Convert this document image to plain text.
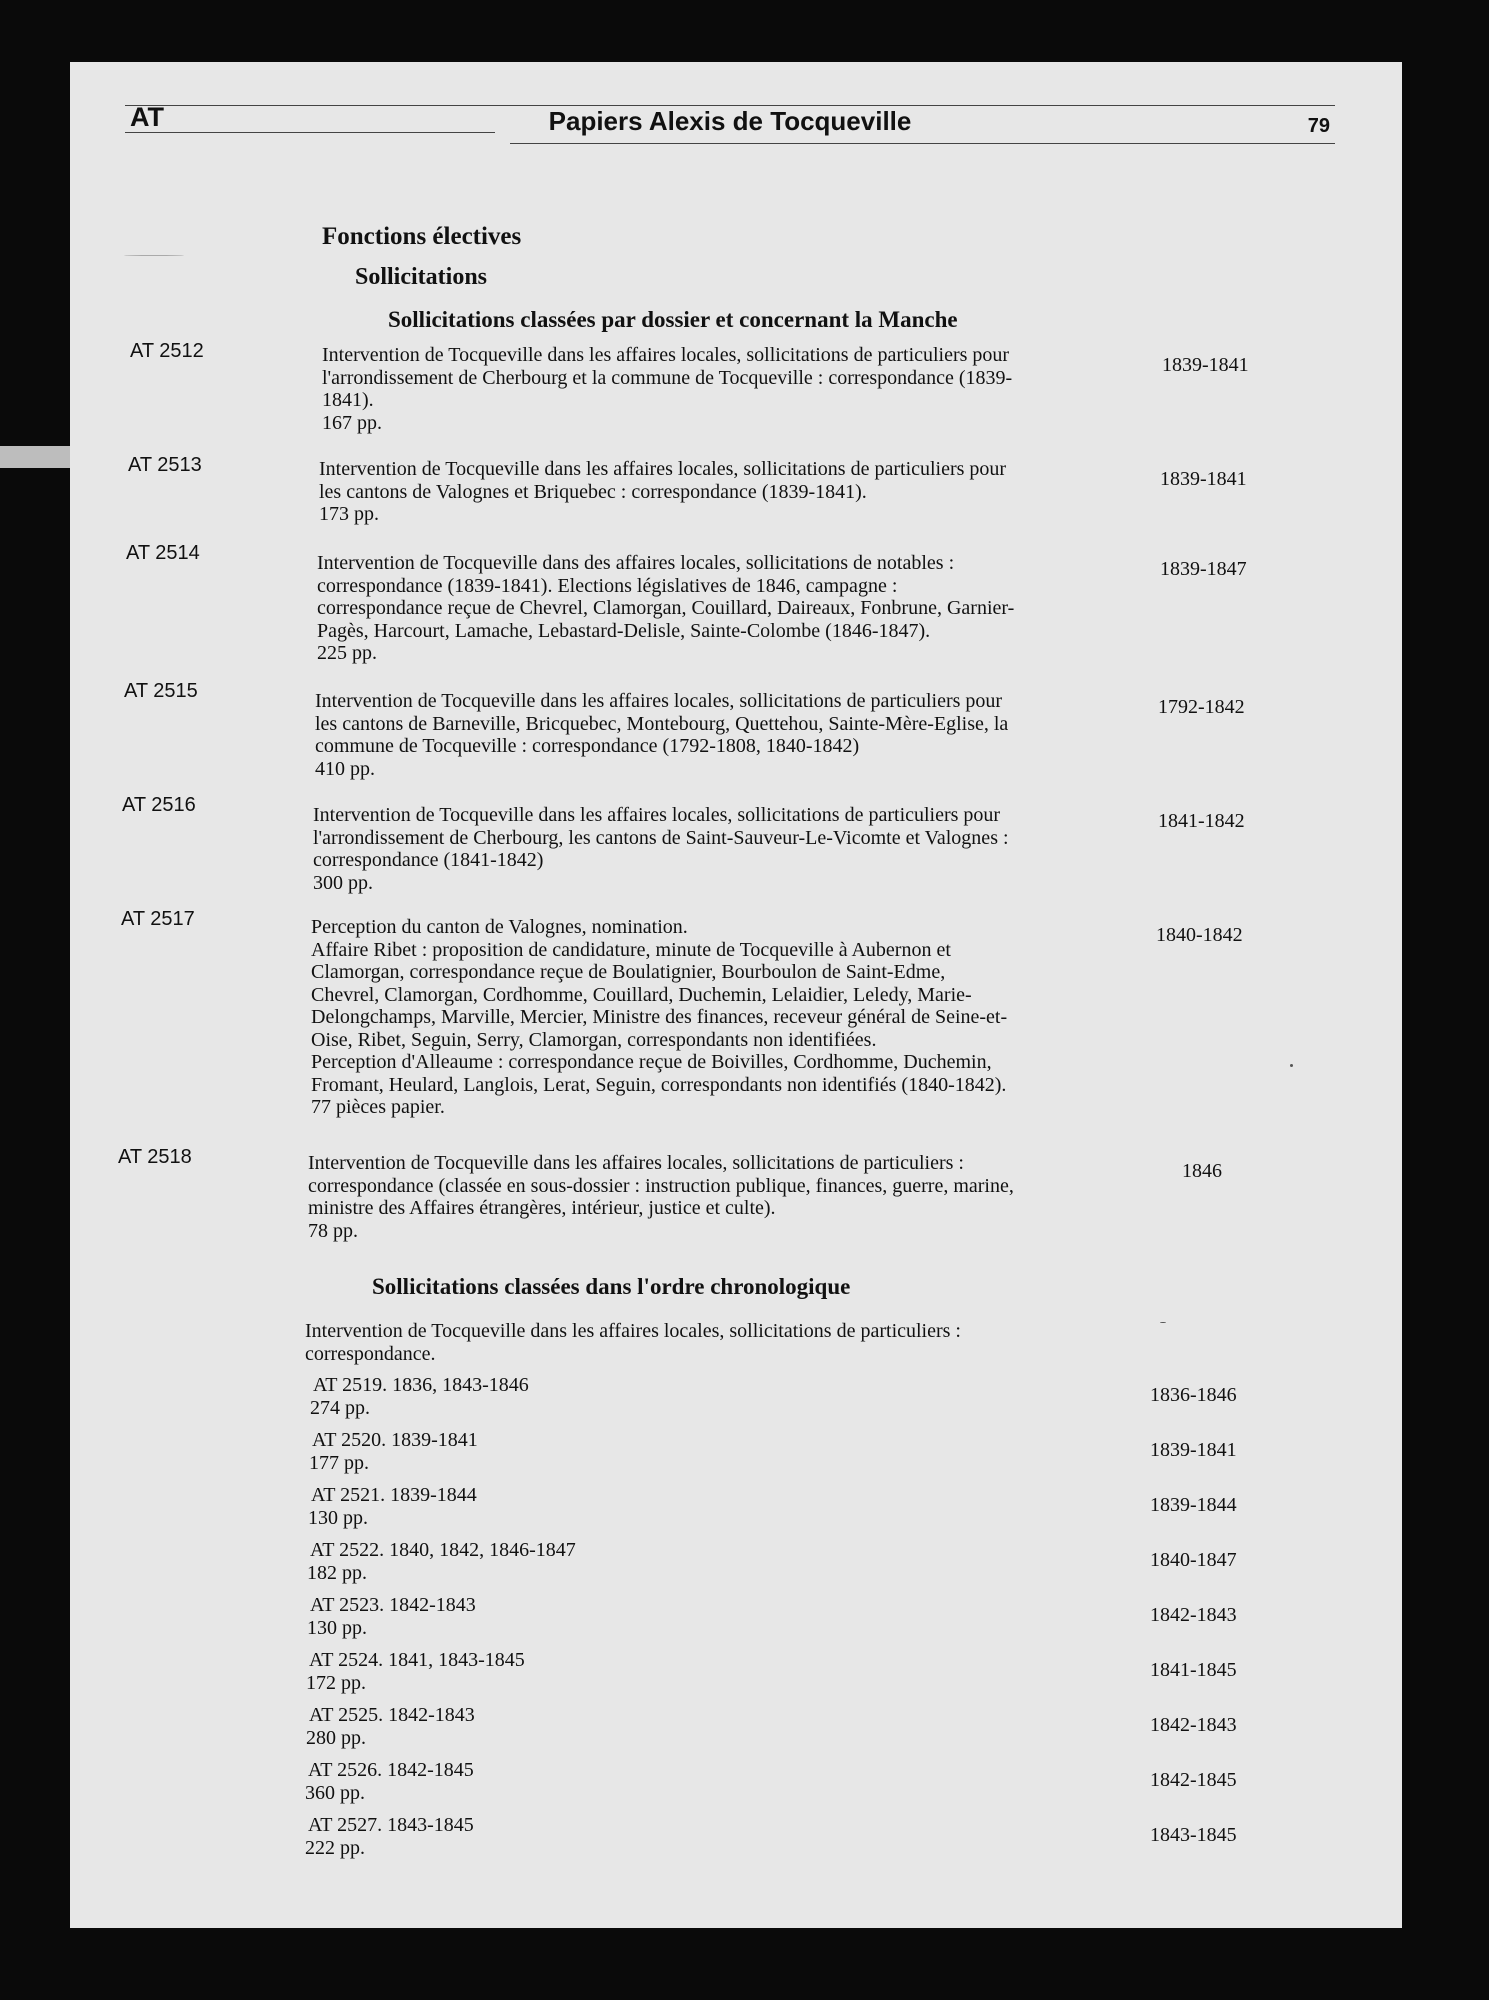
AT	Papiers Alexis de Tocqueville	79
Fonctions électives
Sollicitations
Sollicitations classées par dossier et concernant la Manche
AT 2512	Intervention de Tocqueville dans les affaires locales, sollicitations de particuliers pour
l'arrondissement de Cherbourg et la commune de Tocqueville : correspondance (1839-
1841).
167 pp.
1839-1841
AT 2513	Intervention de Tocqueville dans les affaires locales, sollicitations de particuliers pour
les cantons de Valognes et Briquebec : correspondance (1839-1841).
173 pp.
1839-1841
AT 2514	Intervention de Tocqueville dans des affaires locales, sollicitations de notables :
correspondance (1839-1841). Elections législatives de 1846, campagne :
correspondance reçue de Chevrel, Clamorgan, Couillard, Daireaux, Fonbrune, Garnier-
Pagès, Harcourt, Lamache, Lebastard-Delisle, Sainte-Colombe (1846-1847).
225 pp.
1839-1847
AT 2515	Intervention de Tocqueville dans les affaires locales, sollicitations de particuliers pour
les cantons de Barneville, Bricquebec, Montebourg, Quettehou, Sainte-Mère-Eglise, la
commune de Tocqueville : correspondance (1792-1808, 1840-1842)
410 pp.
1792-1842
AT 2516	Intervention de Tocqueville dans les affaires locales, sollicitations de particuliers pour
l'arrondissement de Cherbourg, les cantons de Saint-Sauveur-Le-Vicomte et Valognes :
correspondance (1841-1842)
300 pp.
1841-1842
AT 2517	Perception du canton de Valognes, nomination.
Affaire Ribet : proposition de candidature, minute de Tocqueville à Aubernon et
Clamorgan, correspondance reçue de Boulatignier, Bourboulon de Saint-Edme,
Chevrel, Clamorgan, Cordhomme, Couillard, Duchemin, Lelaidier, Leledy, Marie-
Delongchamps, Marville, Mercier, Ministre des finances, receveur général de Seine-et-
Oise, Ribet, Seguin, Serry, Clamorgan, correspondants non identifiées.
Perception d'Alleaume : correspondance reçue de Boivilles, Cordhomme, Duchemin,
Fromant, Heulard, Langlois, Lerat, Seguin, correspondants non identifiés (1840-1842).
77 pièces papier.
1840-1842
AT 2518	Intervention de Tocqueville dans les affaires locales, sollicitations de particuliers :
correspondance (classée en sous-dossier : instruction publique, finances, guerre, marine,
ministre des Affaires étrangères, intérieur, justice et culte).
78 pp.
1846
Sollicitations classées dans l'ordre chronologique
Intervention de Tocqueville dans les affaires locales, sollicitations de particuliers :
correspondance.
AT 2519. 1836, 1843-1846
274 pp.
1836-1846
AT 2520. 1839-1841
177 pp.
1839-1841
AT 2521. 1839-1844
130 pp.
1839-1844
AT 2522. 1840, 1842, 1846-1847
182 pp.
1840-1847
AT 2523. 1842-1843
130 pp.
1842-1843
AT 2524. 1841, 1843-1845
172 pp.
1841-1845
AT 2525. 1842-1843
280 pp.
1842-1843
AT 2526. 1842-1845
360 pp.
1842-1845
AT 2527. 1843-1845
222 pp.
1843-1845
